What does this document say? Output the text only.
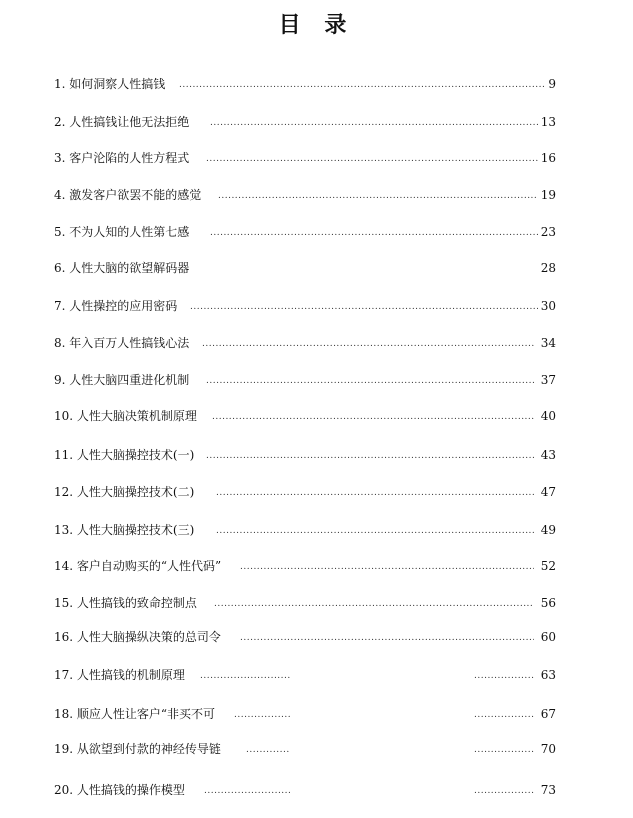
目 录
.....
1. 如何洞察人性搞钱	9
.....
2. 人性搞钱让他无法拒绝	13
.....
3. 客户沦陷的人性方程式	16
.....
4. 激发客户欲罢不能的感觉	19
.....
5. 不为人知的人性第七感	23
6. 人性大脑的欲望解码器	28
.....
7. 人性操控的应用密码	30
.....
8. 年入百万人性搞钱心法	34
.....
9. 人性大脑四重进化机制	37
.....
10. 人性大脑决策机制原理	40
.....
11. 人性大脑操控技术(一)	43
.....
12. 人性大脑操控技术(二)	47
.....
13. 人性大脑操控技术(三)	49
.....
14. 客户自动购买的“人性代码”	52
.....
15. 人性搞钱的致命控制点	56
.....
16. 人性大脑操纵决策的总司令	60
.....
.....
17. 人性搞钱的机制原理	63
.....
.....
18. 顺应人性让客户“非买不可	67
.....
.....
19. 从欲望到付款的神经传导链	70
.....
.....
20. 人性搞钱的操作模型	73
